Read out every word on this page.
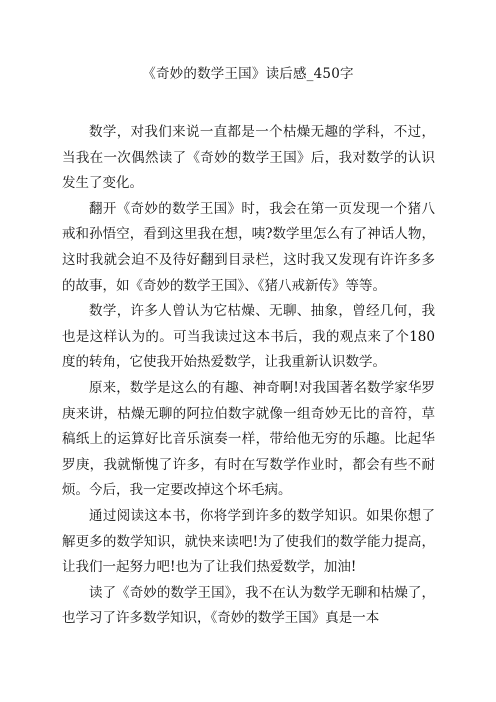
《奇妙的数学王国》读后感_450字

数学，对我们来说一直都是一个枯燥无趣的学科，不过，当我在一次偶然读了《奇妙的数学王国》后，我对数学的认识发生了变化。

翻开《奇妙的数学王国》时，我会在第一页发现一个猪八戒和孙悟空，看到这里我在想，咦?数学里怎么有了神话人物，这时我就会迫不及待好翻到目录栏，这时我又发现有许许多多的故事，如《奇妙的数学王国》、《猪八戒新传》等等。

数学，许多人曾认为它枯燥、无聊、抽象，曾经几何，我也是这样认为的。可当我读过这本书后，我的观点来了个180度的转角，它使我开始热爱数学，让我重新认识数学。

原来，数学是这么的有趣、神奇啊!对我国著名数学家华罗庚来讲，枯燥无聊的阿拉伯数字就像一组奇妙无比的音符，草稿纸上的运算好比音乐演奏一样，带给他无穷的乐趣。比起华罗庚，我就惭愧了许多，有时在写数学作业时，都会有些不耐烦。今后，我一定要改掉这个坏毛病。

通过阅读这本书，你将学到许多的数学知识。如果你想了解更多的数学知识，就快来读吧!为了使我们的数学能力提高，让我们一起努力吧!也为了让我们热爱数学，加油!

读了《奇妙的数学王国》，我不在认为数学无聊和枯燥了，也学习了许多数学知识，《奇妙的数学王国》真是一本
